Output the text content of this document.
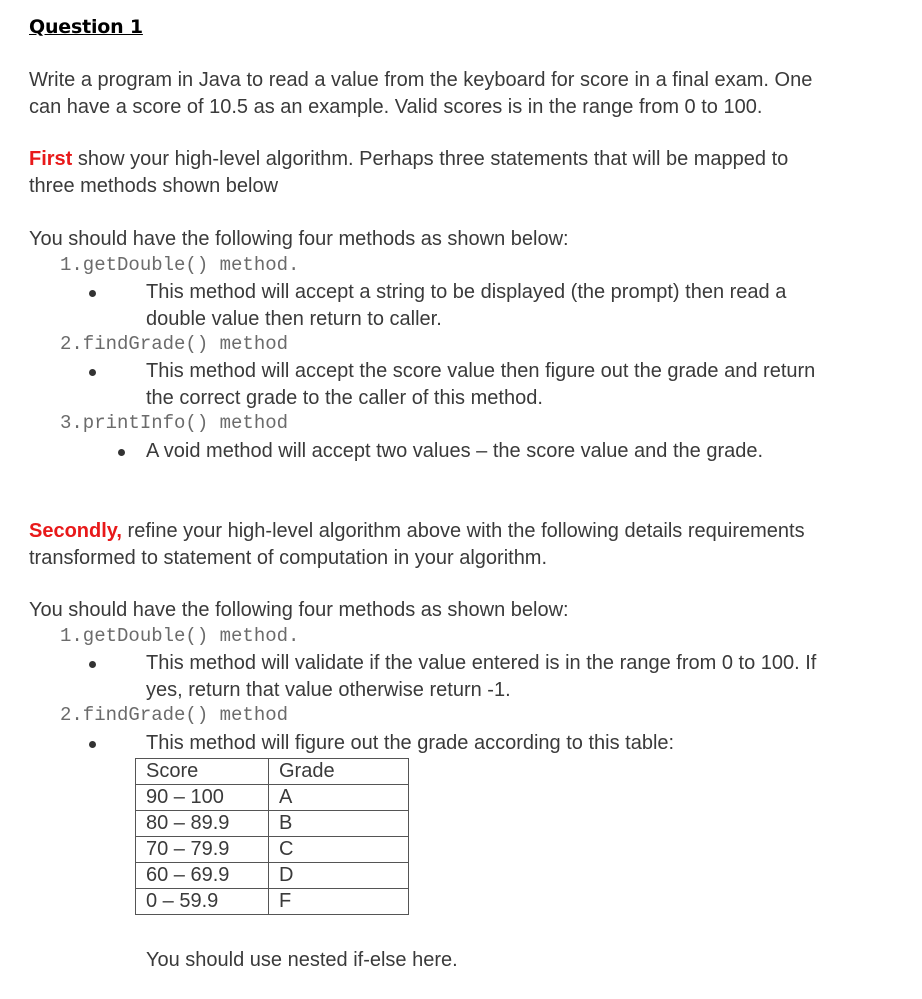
Question 1
Write a program in Java to read a value from the keyboard for score in a final exam. One
can have a score of 10.5 as an example. Valid scores is in the range from 0 to 100.
First show your high-level algorithm. Perhaps three statements that will be mapped to
three methods shown below
You should have the following four methods as shown below:
1.getDouble() method.
This method will accept a string to be displayed (the prompt) then read a
double value then return to caller.
2.findGrade() method
This method will accept the score value then figure out the grade and return
the correct grade to the caller of this method.
3.printInfo() method
A void method will accept two values – the score value and the grade.
Secondly, refine your high-level algorithm above with the following details requirements
transformed to statement of computation in your algorithm.
You should have the following four methods as shown below:
1.getDouble() method.
This method will validate if the value entered is in the range from 0 to 100. If
yes, return that value otherwise return -1.
2.findGrade() method
This method will figure out the grade according to this table:
Score	Grade
90 – 100	A
80 – 89.9	B
70 – 79.9	C
60 – 69.9	D
0 – 59.9	F
You should use nested if-else here.
